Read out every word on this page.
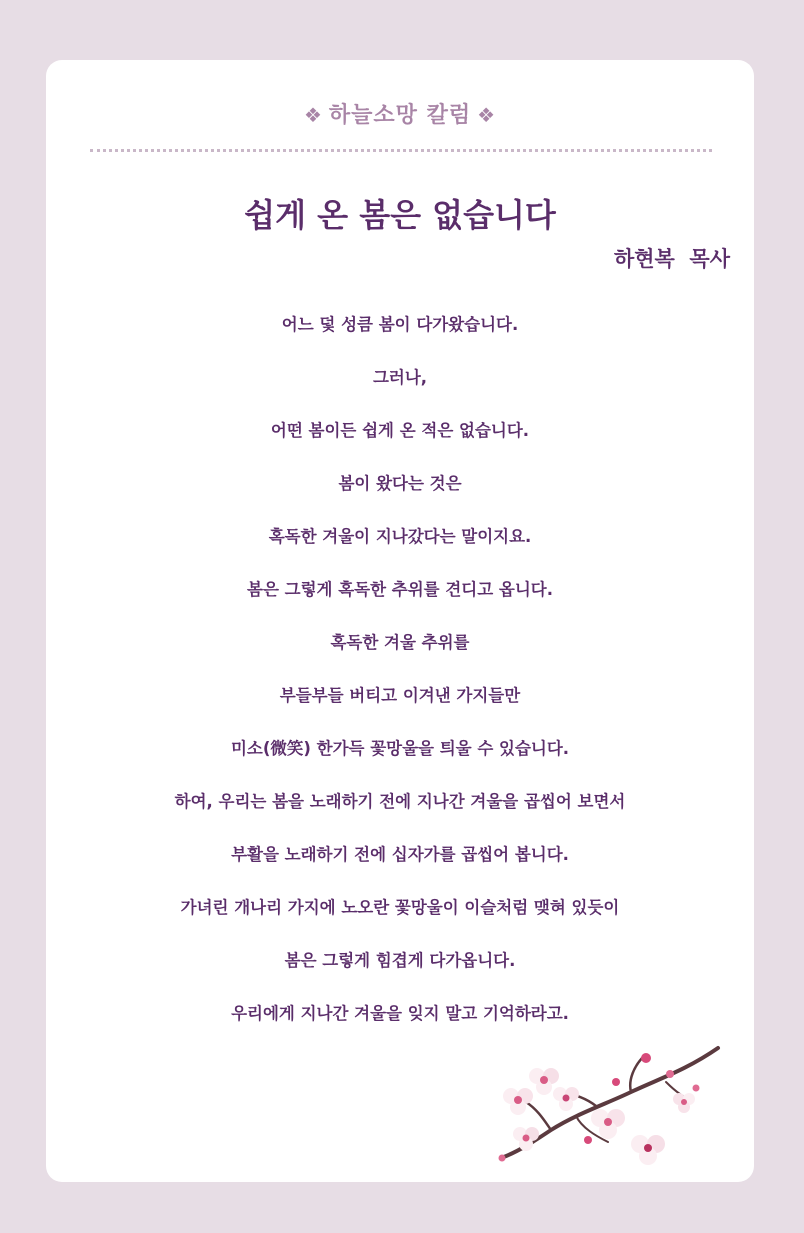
❖ 하늘소망 칼럼 ❖
쉽게 온 봄은 없습니다
하현복  목사
어느 덫 성큼 봄이 다가왔습니다.
그러나,
어떤 봄이든 쉽게 온 적은 없습니다.
봄이 왔다는 것은
혹독한 겨울이 지나갔다는 말이지요.
봄은 그렇게 혹독한 추위를 견디고 옵니다.
혹독한 겨울 추위를
부들부들 버티고 이겨낸 가지들만
미소(微笑) 한가득 꽃망울을 틔울 수 있습니다.
하여, 우리는 봄을 노래하기 전에 지나간 겨울을 곱씹어 보면서
부활을 노래하기 전에 십자가를 곱씹어 봅니다.
가녀린 개나리 가지에 노오란 꽃망울이 이슬처럼 맺혀 있듯이
봄은 그렇게 힘겹게 다가옵니다.
우리에게 지나간 겨울을 잊지 말고 기억하라고.
